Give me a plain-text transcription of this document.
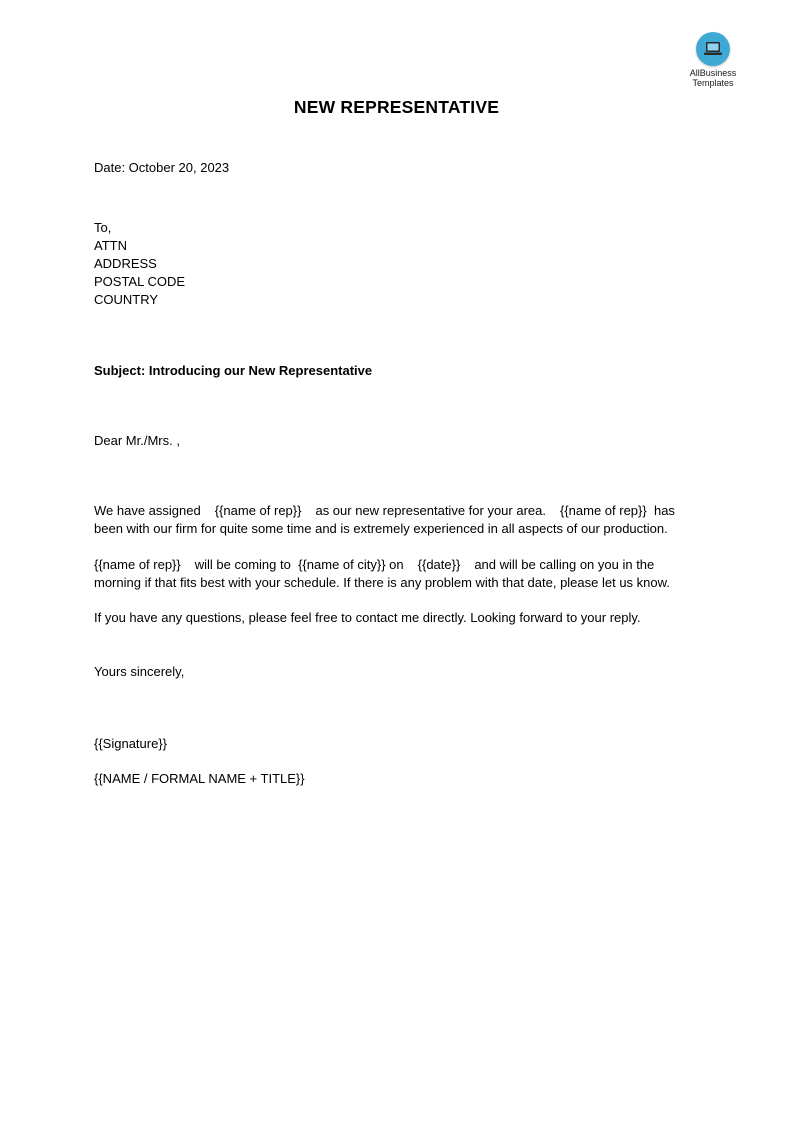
AllBusiness
Templates
NEW REPRESENTATIVE
Date: October 20, 2023
To,
ATTN
ADDRESS
POSTAL CODE
COUNTRY
Subject: Introducing our New Representative
Dear Mr./Mrs. ,
We have assigned {{name of rep}} as our new representative for your area. {{name of rep}} has
been with our firm for quite some time and is extremely experienced in all aspects of our production.
{{name of rep}} will be coming to {{name of city}} on {{date}} and will be calling on you in the
morning if that fits best with your schedule. If there is any problem with that date, please let us know.
If you have any questions, please feel free to contact me directly. Looking forward to your reply.
Yours sincerely,
{{Signature}}
{{NAME / FORMAL NAME + TITLE}}
